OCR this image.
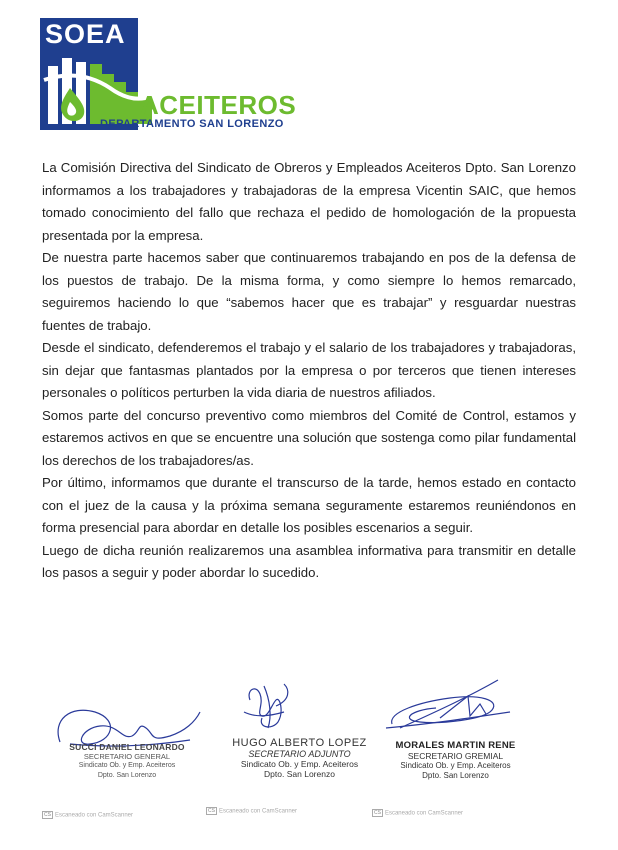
SOEA
ACEITEROS
DEPARTAMENTO SAN LORENZO

La Comisión Directiva del Sindicato de Obreros y Empleados Aceiteros Dpto. San Lorenzo informamos a los trabajadores y trabajadoras de la empresa Vicentin SAIC, que hemos tomado conocimiento del fallo que rechaza el pedido de homologación de la propuesta presentada por la empresa.

De nuestra parte hacemos saber que continuaremos trabajando en pos de la defensa de los puestos de trabajo. De la misma forma, y como siempre lo hemos remarcado, seguiremos haciendo lo que “sabemos hacer que es trabajar” y resguardar nuestras fuentes de trabajo.

Desde el sindicato, defenderemos el trabajo y el salario de los trabajadores y trabajadoras, sin dejar que fantasmas plantados por la empresa o por terceros que tienen intereses personales o políticos perturben la vida diaria de nuestros afiliados.

Somos parte del concurso preventivo como miembros del Comité de Control, estamos y estaremos activos en que se encuentre una solución que sostenga como pilar fundamental los derechos de los trabajadores/as.

Por último, informamos que durante el transcurso de la tarde, hemos estado en contacto con el juez de la causa y la próxima semana seguramente estaremos reuniéndonos en forma presencial para abordar en detalle los posibles escenarios a seguir.

Luego de dicha reunión realizaremos una asamblea informativa para transmitir en detalle los pasos a seguir y poder abordar lo sucedido.

SUCCI DANIEL LEONARDO
SECRETARIO GENERAL
Sindicato Ob. y Emp. Aceiteros
Dpto. San Lorenzo
HUGO ALBERTO LOPEZ
SECRETARIO ADJUNTO
Sindicato Ob. y Emp. Aceiteros
Dpto. San Lorenzo
MORALES MARTIN RENE
SECRETARIO GREMIAL
Sindicato Ob. y Emp. Aceiteros
Dpto. San Lorenzo
CS Escaneado con CamScanner
CS Escaneado con CamScanner	CS Escaneado con CamScanner
